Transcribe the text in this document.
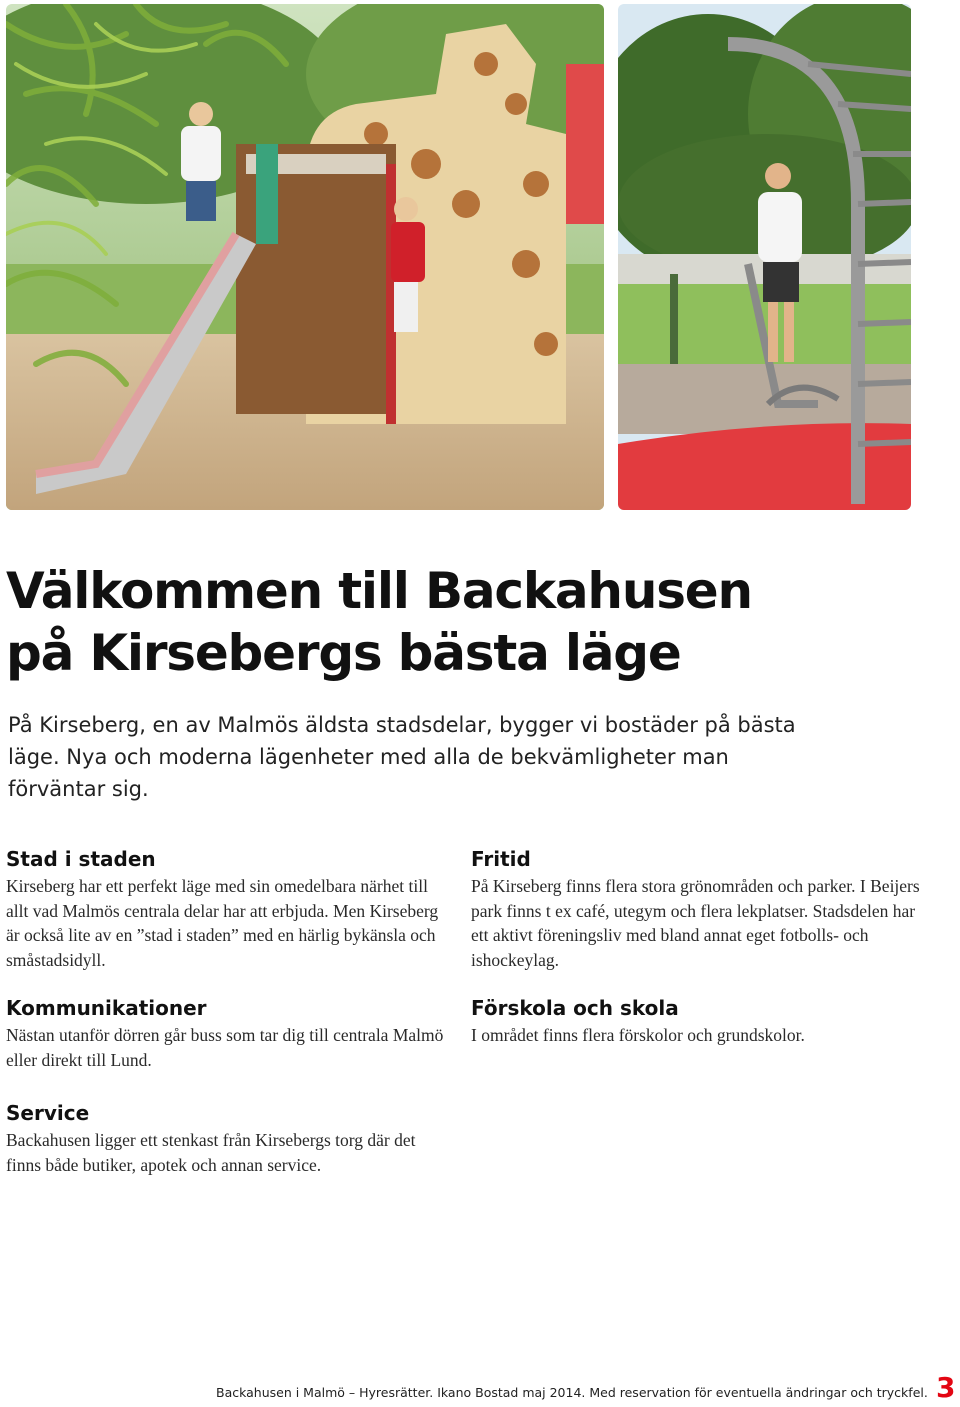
Välkommen till Backahusen
på Kirsebergs bästa läge

På Kirseberg, en av Malmös äldsta stadsdelar, bygger vi bostäder på bästa läge. Nya och moderna lägenheter med alla de bekvämligheter man förväntar sig.

Stad i staden

Kirseberg har ett perfekt läge med sin omedelbara närhet till allt vad Malmös centrala delar har att erbjuda. Men Kirseberg är också lite av en ”stad i staden” med en härlig bykänsla och småstadsidyll.

Kommunikationer

Nästan utanför dörren går buss som tar dig till centrala Malmö eller direkt till Lund.

Service

Backahusen ligger ett stenkast från Kirsebergs torg där det finns både butiker, apotek och annan service.

Fritid

På Kirseberg finns flera stora grönområden och parker. I Beijers park finns t ex café, utegym och flera lekplatser. Stadsdelen har ett aktivt föreningsliv med bland annat eget fotbolls- och ishockeylag.

Förskola och skola

I området finns flera förskolor och grundskolor.

Backahusen i Malmö – Hyresrätter. Ikano Bostad maj 2014. Med reservation för eventuella ändringar och tryckfel. 3
